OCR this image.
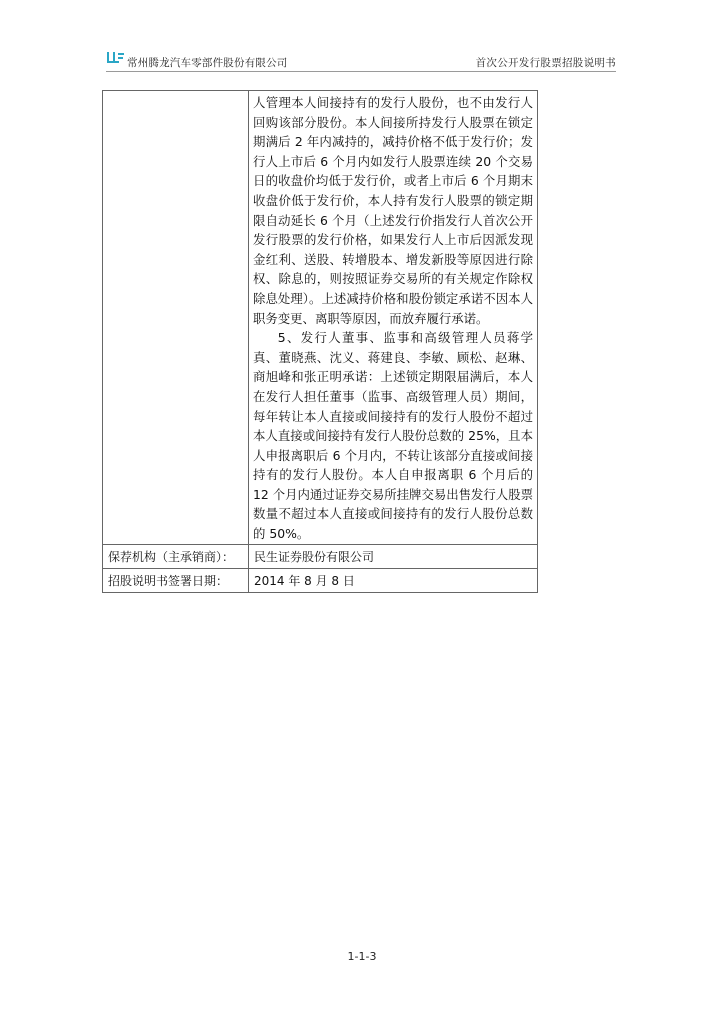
常州腾龙汽车零部件股份有限公司	首次公开发行股票招股说明书

	人管理本人间接持有的发行人股份，也不由发行人回购该部分股份。本人间接所持发行人股票在锁定期满后 2 年内减持的，减持价格不低于发行价；发行人上市后 6 个月内如发行人股票连续 20 个交易日的收盘价均低于发行价，或者上市后 6 个月期末收盘价低于发行价，本人持有发行人股票的锁定期限自动延长 6 个月（上述发行价指发行人首次公开发行股票的发行价格，如果发行人上市后因派发现金红利、送股、转增股本、增发新股等原因进行除权、除息的，则按照证券交易所的有关规定作除权除息处理）。上述减持价格和股份锁定承诺不因本人职务变更、离职等原因，而放弃履行承诺。

5、发行人董事、监事和高级管理人员蒋学真、董晓燕、沈义、蒋建良、李敏、顾松、赵琳、商旭峰和张正明承诺：上述锁定期限届满后，本人在发行人担任董事（监事、高级管理人员）期间，每年转让本人直接或间接持有的发行人股份不超过本人直接或间接持有发行人股份总数的 25%，且本人申报离职后 6 个月内，不转让该部分直接或间接持有的发行人股份。本人自申报离职 6 个月后的 12 个月内通过证券交易所挂牌交易出售发行人股票数量不超过本人直接或间接持有的发行人股份总数的 50%。

保荐机构（主承销商）：	民生证券股份有限公司
招股说明书签署日期：	2014 年 8 月 8 日
1-1-3
